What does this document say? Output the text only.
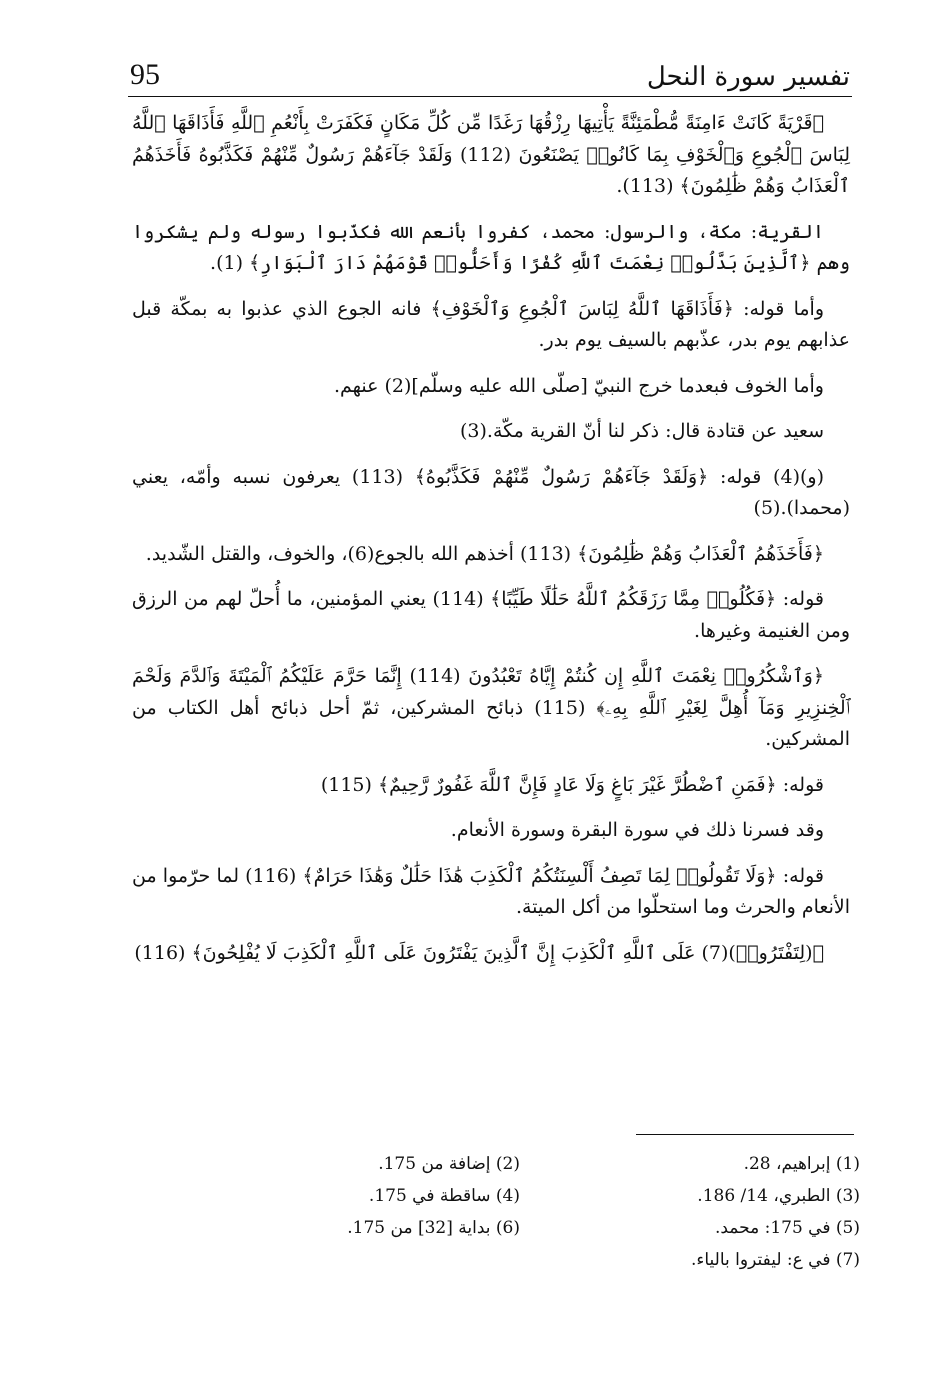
95	تفسير سورة النحل

﴿قَرْيَةً كَانَتْ ءَامِنَةً مُّطْمَئِنَّةً يَأْتِيهَا رِزْقُهَا رَغَدًا مِّن كُلِّ مَكَانٍ فَكَفَرَتْ بِأَنْعُمِ ٱللَّهِ فَأَذَاقَهَا ٱللَّهُ لِبَاسَ ٱلْجُوعِ وَٱلْخَوْفِ بِمَا كَانُوا۟ يَصْنَعُونَ (112) وَلَقَدْ جَآءَهُمْ رَسُولٌ مِّنْهُمْ فَكَذَّبُوهُ فَأَخَذَهُمُ ٱلْعَذَابُ وَهُمْ ظَٰلِمُونَ﴾ (113).

القرية: مكة، والرسول: محمد، كفروا بأنعم الله فكذّبوا رسوله ولم يشكروا وهم ﴿ٱلَّذِينَ بَدَّلُوا۟ نِعْمَتَ ٱللَّهِ كُفْرًا وَأَحَلُّوا۟ قَوْمَهُمْ دَارَ ٱلْبَوَارِ﴾ (1).

وأما قوله: ﴿فَأَذَاقَهَا ٱللَّهُ لِبَاسَ ٱلْجُوعِ وَٱلْخَوْفِ﴾ فانه الجوع الذي عذبوا به بمكّة قبل عذابهم يوم بدر، عذّبهم بالسيف يوم بدر.

وأما الخوف فبعدما خرج النبيّ [صلّى الله عليه وسلّم](2) عنهم.

سعيد عن قتادة قال: ذكر لنا أنّ القرية مكّة.(3)

(و)(4) قوله: ﴿وَلَقَدْ جَآءَهُمْ رَسُولٌ مِّنْهُمْ فَكَذَّبُوهُ﴾ (113) يعرفون نسبه وأمّه، يعني (محمدا).(5)

﴿فَأَخَذَهُمُ ٱلْعَذَابُ وَهُمْ ظَٰلِمُونَ﴾ (113) أخذهم الله بالجوع(6)، والخوف، والقتل الشّديد.

قوله: ﴿فَكُلُوا۟ مِمَّا رَزَقَكُمُ ٱللَّهُ حَلَٰلًا طَيِّبًا﴾ (114) يعني المؤمنين، ما أُحلّ لهم من الرزق ومن الغنيمة وغيرها.

﴿وَٱشْكُرُوا۟ نِعْمَتَ ٱللَّهِ إِن كُنتُمْ إِيَّاهُ تَعْبُدُونَ (114) إِنَّمَا حَرَّمَ عَلَيْكُمُ ٱلْمَيْتَةَ وَٱلدَّمَ وَلَحْمَ ٱلْخِنزِيرِ وَمَآ أُهِلَّ لِغَيْرِ ٱللَّهِ بِهِۦ﴾ (115) ذبائح المشركين، ثمّ أحل ذبائح أهل الكتاب من المشركين.

قوله: ﴿فَمَنِ ٱضْطُرَّ غَيْرَ بَاغٍ وَلَا عَادٍ فَإِنَّ ٱللَّهَ غَفُورٌ رَّحِيمٌ﴾ (115)

وقد فسرنا ذلك في سورة البقرة وسورة الأنعام.

قوله: ﴿وَلَا تَقُولُوا۟ لِمَا تَصِفُ أَلْسِنَتُكُمُ ٱلْكَذِبَ هَٰذَا حَلَٰلٌ وَهَٰذَا حَرَامٌ﴾ (116) لما حرّموا من الأنعام والحرث وما استحلّوا من أكل الميتة.

﴿(لِتَفْتَرُوا۟)(7) عَلَى ٱللَّهِ ٱلْكَذِبَ إِنَّ ٱلَّذِينَ يَفْتَرُونَ عَلَى ٱللَّهِ ٱلْكَذِبَ لَا يُفْلِحُونَ﴾ (116)

(1) إبراهيم، 28.
(2) إضافة من 175.
(3) الطبري، 14/ 186.
(4) ساقطة في 175.
(5) في 175: محمد.
(6) بداية [32] من 175.
(7) في ع: ليفتروا بالياء.
